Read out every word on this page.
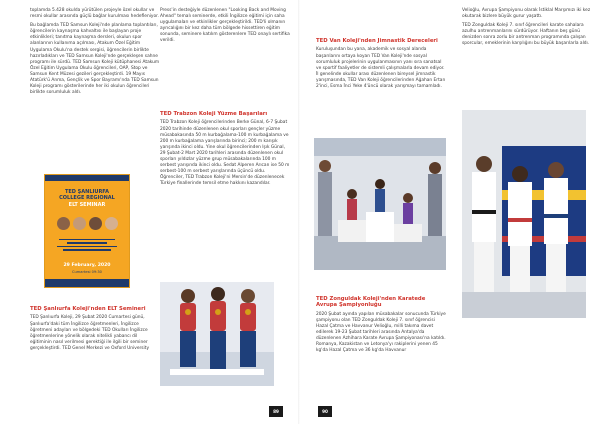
toplamda 5.428 okulda yürütülen projeyle özel okullar ve resmi okullar arasında güçlü bağlar kurulması hedefleniyor.

Bu bağlamda TED Samsun Koleji'nde planlama toplantıları, öğrencilerin kaynaşma kahvaltısı ile başlayan proje etkinlikleri; tanıtma kaynaşma dersleri, okulun spor alanlarının kullanıma açılması, Atakum Özel Eğitim Uygulama Okulu'na destek sergisi, öğrencilerin birlikte hazırladıkları ve TED Samsun Koleji'nde gerçekleşen sahne programı ile sürdü. TED Samsun Koleji kütüphanesi Atakum Özel Eğitim Uygulama Okulu öğrencileri, OAP, Stop ve Samsun Kent Müzesi gezileri gerçekleştirdi. 19 Mayıs Atatürk'ü Anma, Gençlik ve Spor Bayramı'nda TED Samsun Koleji programı gösterilerinde her iki okulun öğrencileri birlikte sorumluluk aldı.

TED ŞANLIURFA
COLLEGE REGIONAL
ELT SEMINAR
29 February, 2020
Cumartesi 09:30
TED Şanlıurfa Koleji'nden ELT Semineri

TED Şanlıurfa Koleji, 29 Şubat 2020 Cumartesi günü, Şanlıurfa'daki tüm İngilizce öğretmenleri, İngilizce öğretmeni adayları ve bölgedeki TED Okulları İngilizce öğretmenlerine yönelik olarak nitelikli yabancı dil eğitiminin nasıl verilmesi gerektiği ile ilgili bir seminer gerçekleştirdi. TED Genel Merkezi ve Oxford University

Press'in desteğiyle düzenlenen "Looking Back and Moving Ahead" temalı seminerde, etkili İngilizce eğitimi için saha uygulamaları ve etkinlikler gerçekleştirildi. TED'li olmanın ayrıcalığını bir kez daha tüm bölgede hissettiren eğitim sonunda, seminere katılım gösterenlere TED onaylı sertifika verildi.

TED Trabzon Koleji Yüzme Başarıları

TED Trabzon Koleji öğrencilerinden Berke Günal, 6-7 Şubat 2020 tarihinde düzenlenen okul sporları gençler yüzme müsabakasında 50 m kurbağalama-100 m kurbağalama ve 200 m kurbağalama yarışlarında birinci; 200 m karışık yarışında ikinci oldu. Yine okul öğrencilerinden Işık Günal, 29 Şubat-2 Mart 2020 tarihleri arasında düzenlenen okul sporları yıldızlar yüzme grup müsabakalarında 100 m serbest yarışında ikinci oldu. Sedat Alperen Arıcan ise 50 m serbest-100 m serbest yarışlarında üçüncü oldu. Öğrenciler, TED Trabzon Koleji'ni Mersin'de düzenlenecek Türkiye finallerinde temsil etme hakkını kazandılar.

89
TED Van Koleji'nden Jimnastik Dereceleri

Kuruluşundan bu yana, akademik ve sosyal alanda başarılarını ortaya koyan TED Van Koleji'nde sosyal sorumluluk projelerinin uygulanmasının yanı sıra sanatsal ve sportif faaliyetler de sistemli çalışmalarla devam ediyor. İl genelinde okullar arası düzenlenen bireysel jimnastik yarışmasında, TED Van Koleji öğrencilerinden Ağahan Ertan 2'inci, Esma İnci Yeke 4'üncü olarak yarışmayı tamamladı.

TED Zonguldak Koleji'nden Karatede Avrupa Şampiyonluğu

2020 Şubat ayında yapılan müsabakalar sonucunda Türkiye şampiyonu olan TED Zonguldak Koleji 7. sınıf öğrencisi Hazal Çatma ve Havvanur Velioğlu, milli takıma davet edilerek 19-23 Şubat tarihleri arasında Antalya'da düzenlenen Azhihara Karate Avrupa Şampiyonası'na katıldı. Romanya, Kazakistan ve Letonya'yı rakiplerini yenen 45 kg'da Hazal Çatma ve 36 kg'da Havvanur

Velioğlu, Avrupa Şampiyonu olarak İstiklal Marşımızı iki kez okutarak bizlere büyük gurur yaşattı.

TED Zonguldak Koleji 7. sınıf öğrencileri karate sahalara azulhu antrenmanlarını sürdürüyor. Haftanın beş günü denizden sonra zorlu bir antrenman programında çalışan sporcular, emeklerinin karşılığını bu büyük başarılarla aldı.

90
